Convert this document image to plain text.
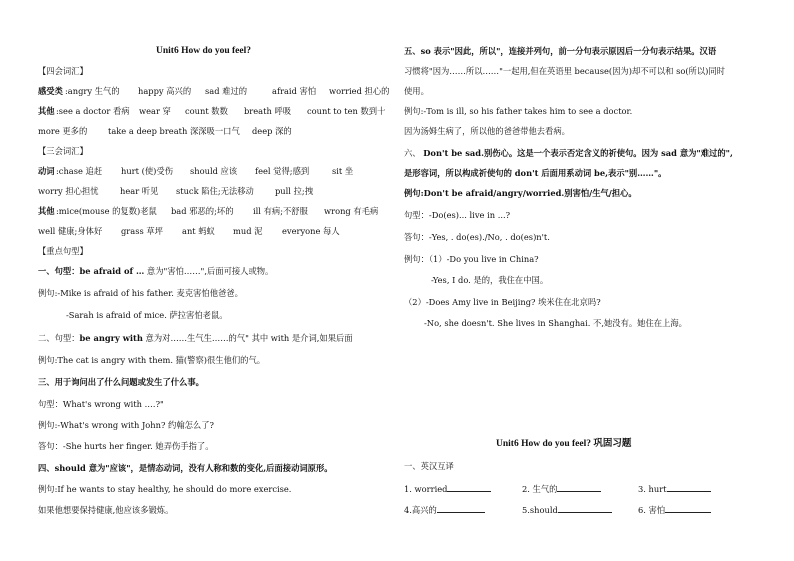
Unit6 How do you feel?
【四会词汇】
感受类 :angry 生气的 happy 高兴的 sad 难过的	afraid 害怕 worried 担心的
其他 :see a doctor 看病 wear 穿 count 数数 breath 呼吸 count to ten 数到十
more 更多的 take a deep breath 深深吸一口气 deep 深的
【三会词汇】
动词 :chase 追赶 hurt (使)受伤 should 应该 feel 觉得;感到	sit 坐
worry 担心担忧	hear 听见 stuck 陷住;无法移动	pull 拉;拽
其他 :mice(mouse 的复数)老鼠 bad 邪恶的;坏的 ill 有病;不舒服 wrong 有毛病
well 健康;身体好 grass 草坪 ant 蚂蚁 mud 泥 everyone 每人
【重点句型】
一、句型：be afraid of … 意为"害怕……",后面可接人或物。
例句:-Mike is afraid of his father. 麦克害怕他爸爸。
-Sarah is afraid of mice. 萨拉害怕老鼠。
二、句型：be angry with 意为对……生气生……的气" 其中 with 是介词,如果后面
例句:The cat is angry with them. 猫(警察)很生他们的气。
三、用于询问出了什么问题或发生了什么事。
句型：What's wrong with .…?"
例句:-What's wrong with John? 约翰怎么了?
答句：-She hurts her finger. 她弄伤手指了。
四、should 意为"应该"，是情态动词，没有人称和数的变化,后面接动词原形。
例句:If he wants to stay healthy, he should do more exercise.
如果他想要保持健康,他应该多锻炼。
五、so 表示"因此，所以"，连接并列句，前一分句表示原因后一分句表示结果。汉语
习惯将"因为……所以……"一起用,但在英语里 because(因为)却不可以和 so(所以)同时
使用。
例句:-Tom is ill, so his father takes him to see a doctor.
因为汤姆生病了，所以他的爸爸带他去看病。
六、 Don't be sad.别伤心。这是一个表示否定含义的祈使句。因为 sad 意为"难过的",
是形容词，所以构成祈使句的 don't 后面用系动词 be,表示"别……"。
例句:Don't be afraid/angry/worried.别害怕/生气/担心。
句型：-Do(es)... live in ...?
答句：-Yes, . do(es)./No, . do(es)n't.
例句：（1）-Do you live in China?
-Yes, I do. 是的，我住在中国。
（2）-Does Amy live in Beijing? 埃米住在北京吗?
-No, she doesn't. She lives in Shanghai. 不,她没有。她住在上海。
Unit6 How do you feel? 巩固习题
一、英汉互译
1. worried	2. 生气的	3. hurt
4.高兴的	5.should	6. 害怕
